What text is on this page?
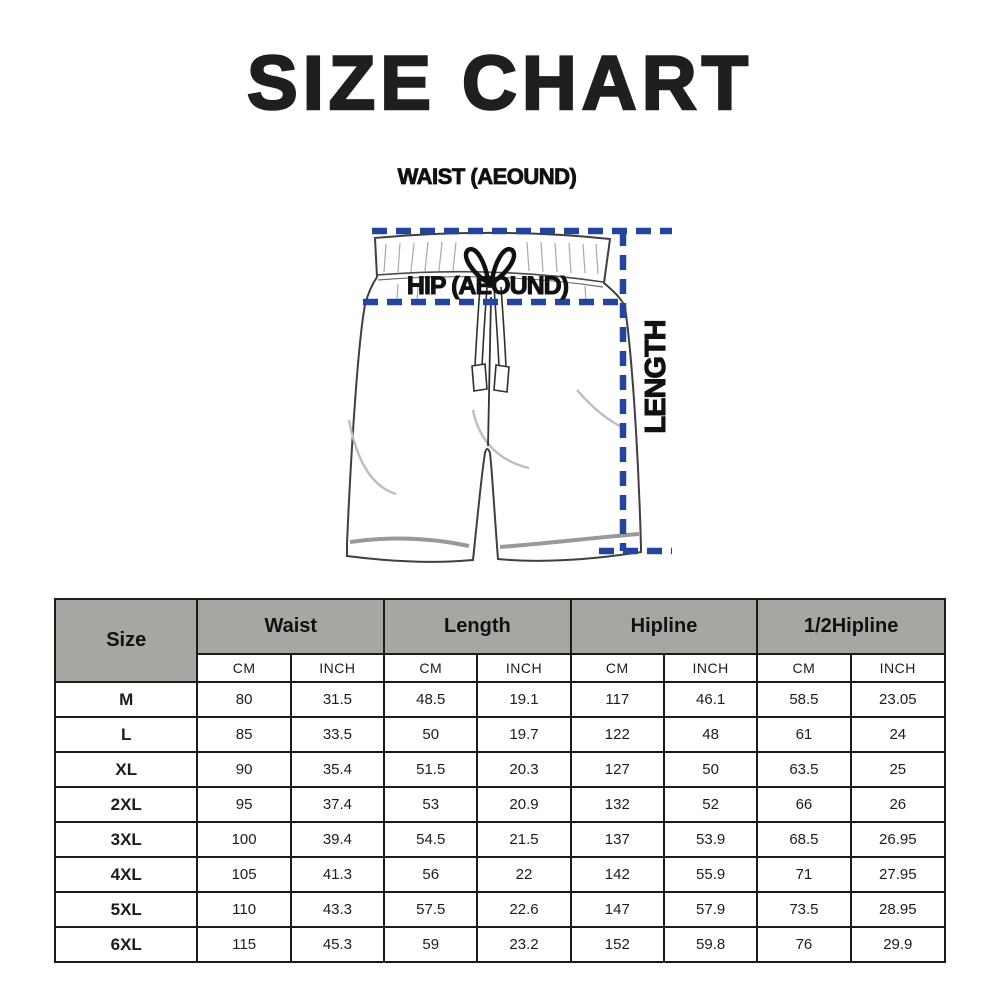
SIZE CHART
WAIST (AEOUND)
HIP (AEOUND)
LENGTH
Size	Waist		Length		Hipline		1/2Hipline	
	CM	INCH	CM	INCH	CM	INCH	CM	INCH
M	80	31.5	48.5	19.1	117	46.1	58.5	23.05
L	85	33.5	50	19.7	122	48	61	24
XL	90	35.4	51.5	20.3	127	50	63.5	25
2XL	95	37.4	53	20.9	132	52	66	26
3XL	100	39.4	54.5	21.5	137	53.9	68.5	26.95
4XL	105	41.3	56	22	142	55.9	71	27.95
5XL	110	43.3	57.5	22.6	147	57.9	73.5	28.95
6XL	115	45.3	59	23.2	152	59.8	76	29.9
